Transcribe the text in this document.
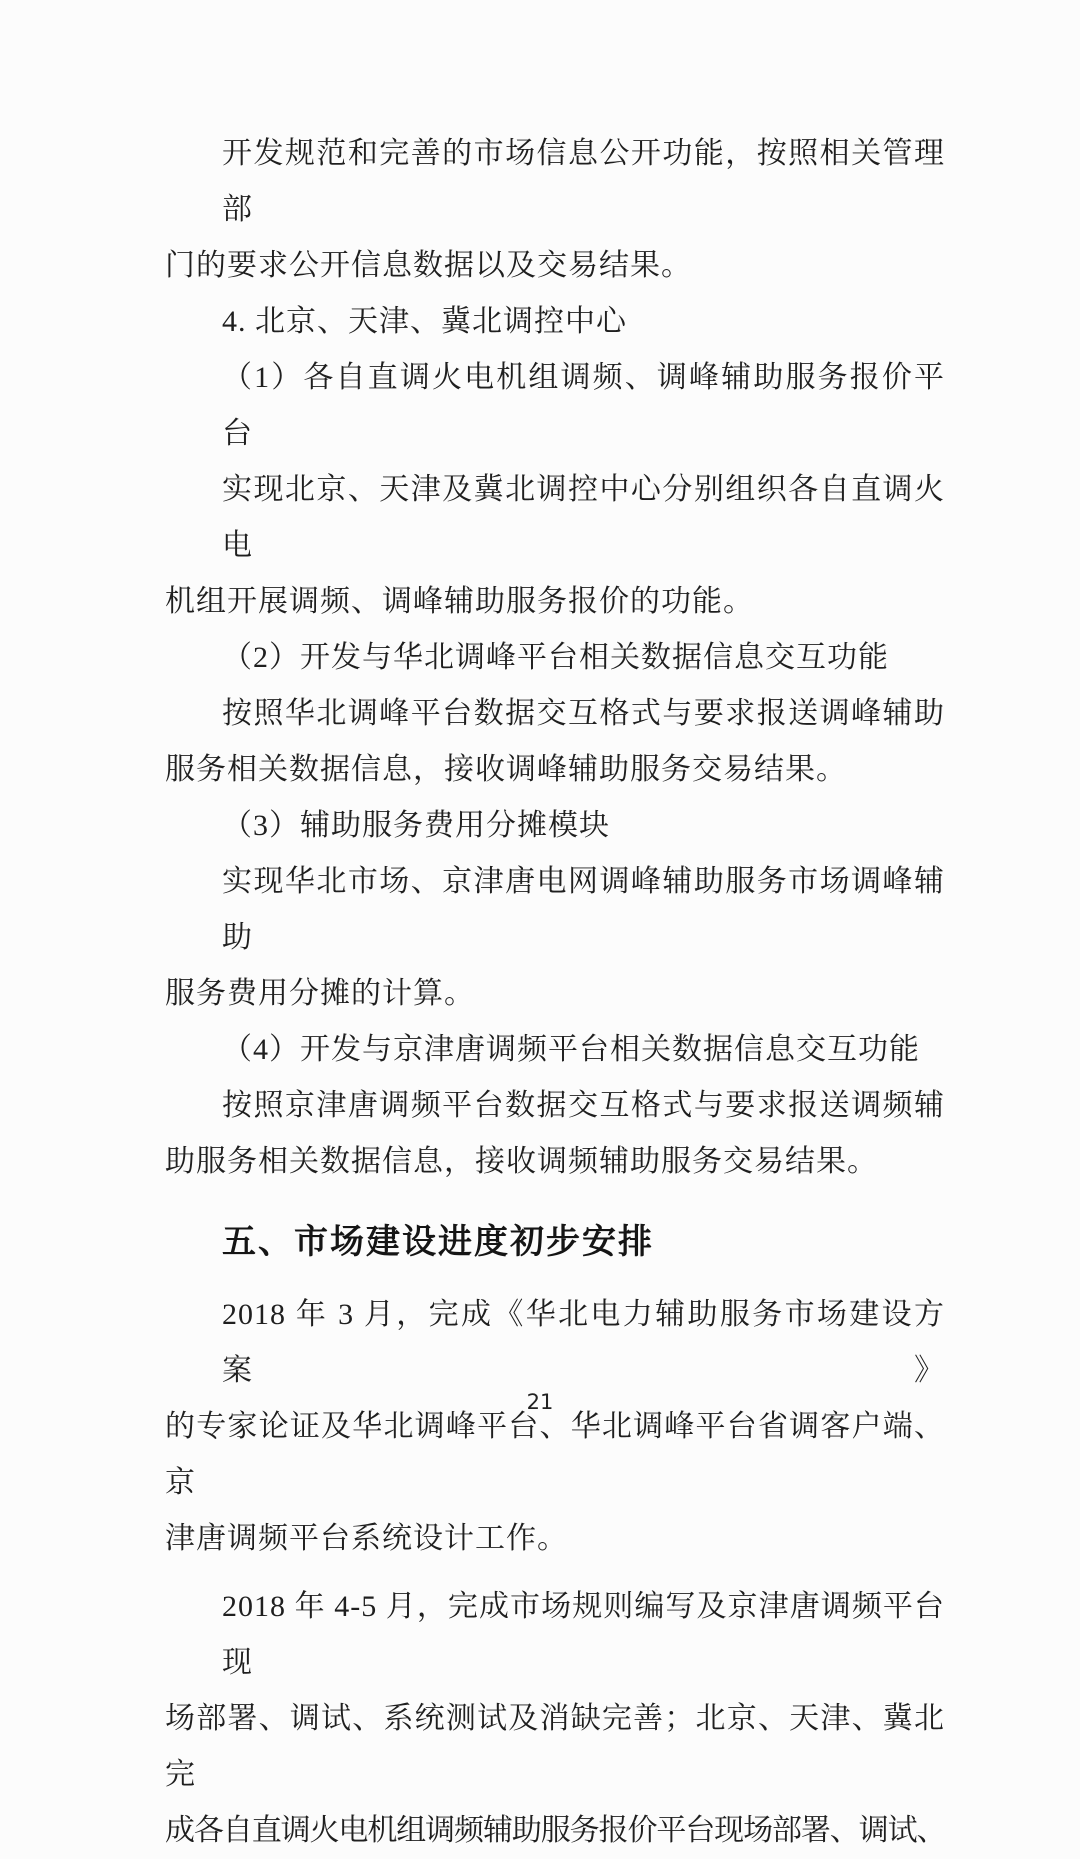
开发规范和完善的市场信息公开功能，按照相关管理部
门的要求公开信息数据以及交易结果。
4. 北京、天津、冀北调控中心
（1）各自直调火电机组调频、调峰辅助服务报价平台
实现北京、天津及冀北调控中心分别组织各自直调火电
机组开展调频、调峰辅助服务报价的功能。
（2）开发与华北调峰平台相关数据信息交互功能
按照华北调峰平台数据交互格式与要求报送调峰辅助
服务相关数据信息，接收调峰辅助服务交易结果。
（3）辅助服务费用分摊模块
实现华北市场、京津唐电网调峰辅助服务市场调峰辅助
服务费用分摊的计算。
（4）开发与京津唐调频平台相关数据信息交互功能
按照京津唐调频平台数据交互格式与要求报送调频辅
助服务相关数据信息，接收调频辅助服务交易结果。
五、市场建设进度初步安排
2018 年 3 月，完成《华北电力辅助服务市场建设方案》
的专家论证及华北调峰平台、华北调峰平台省调客户端、京
津唐调频平台系统设计工作。
2018 年 4-5 月，完成市场规则编写及京津唐调频平台现
场部署、调试、系统测试及消缺完善；北京、天津、冀北完
成各自直调火电机组调频辅助服务报价平台现场部署、调试、
21
